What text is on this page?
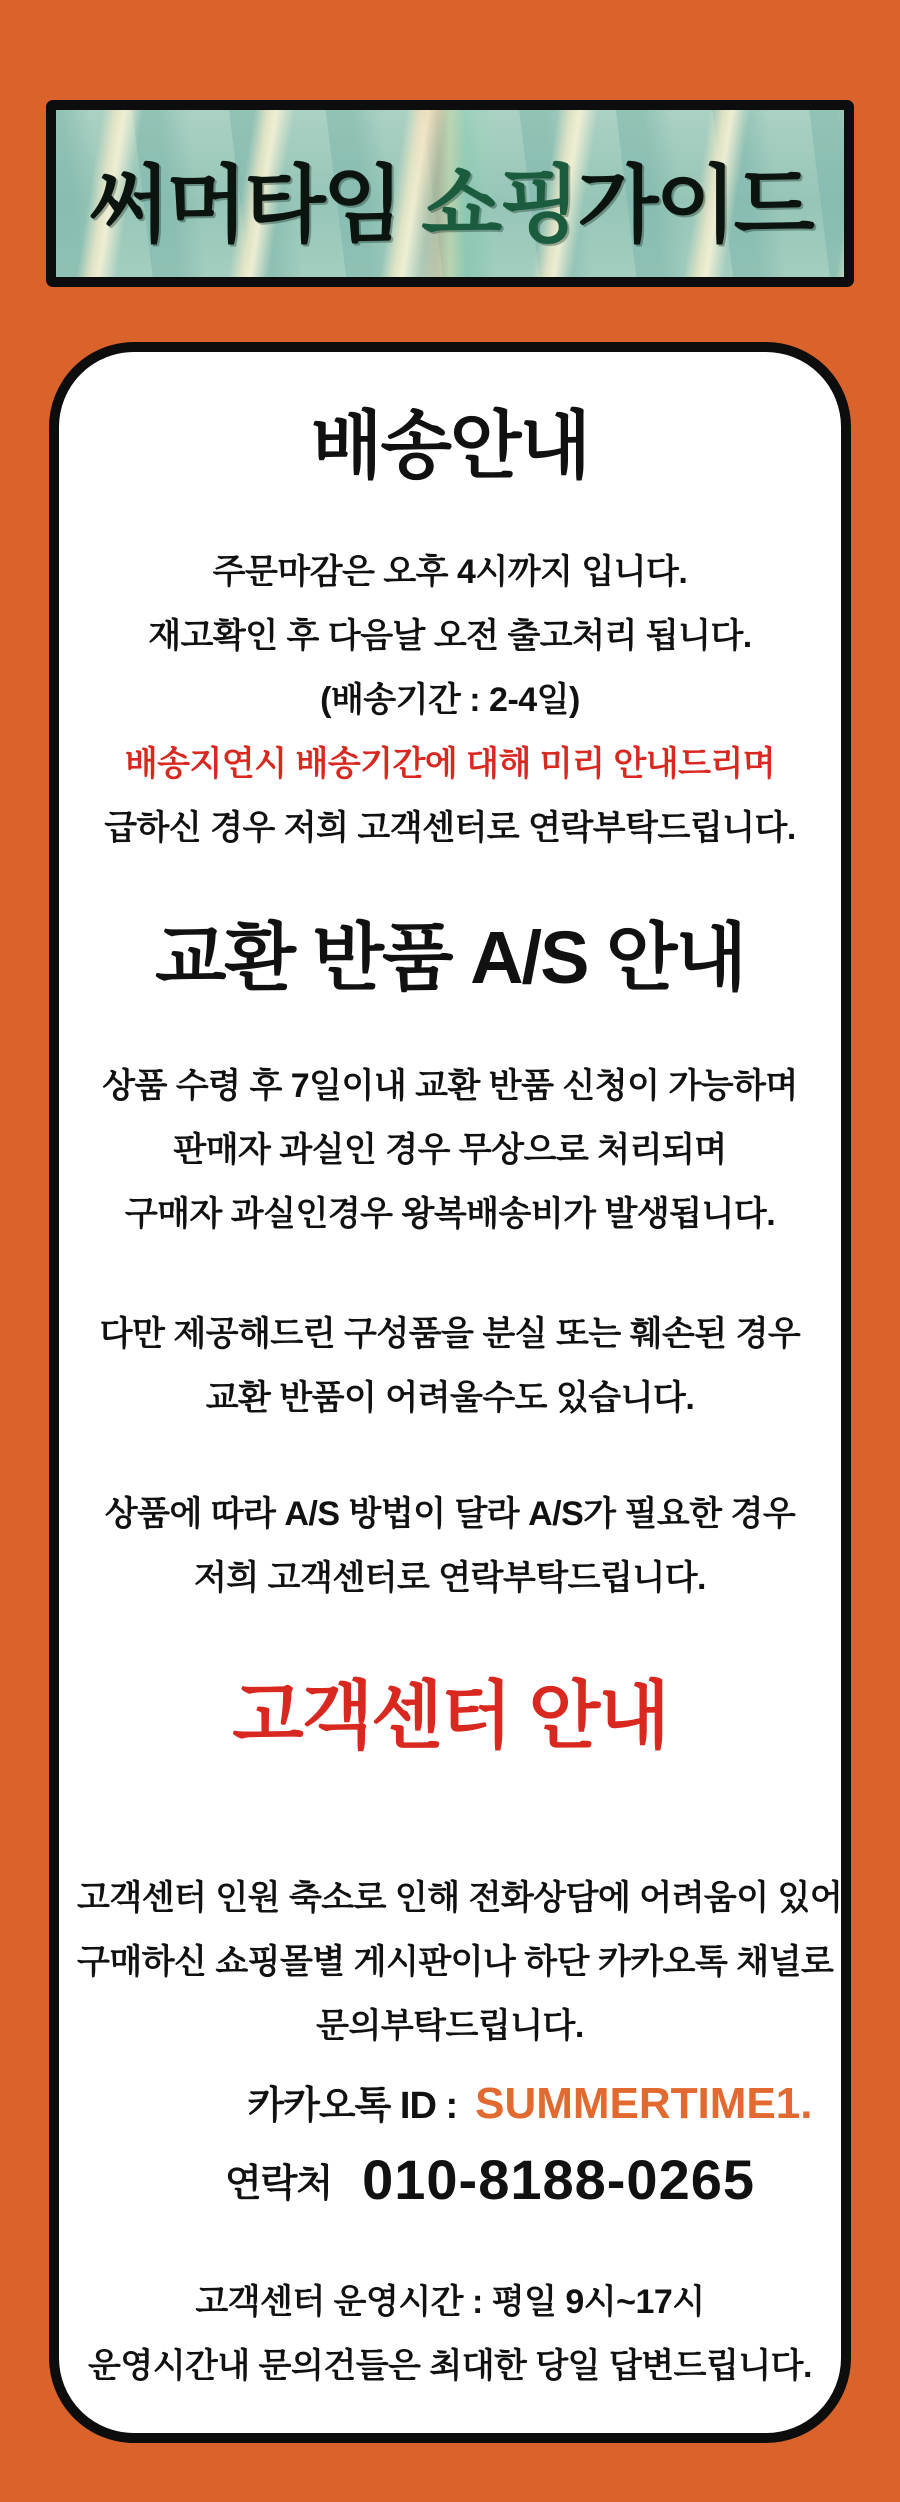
써머타임 쇼핑가이드
배송안내
주문마감은 오후 4시까지 입니다.
재고확인 후 다음날 오전 출고처리 됩니다.
(배송기간 : 2-4일)
배송지연시 배송기간에 대해 미리 안내드리며
급하신 경우 저희 고객센터로 연락부탁드립니다.
교환 반품 A/S 안내
상품 수령 후 7일이내 교환 반품 신청이 가능하며
판매자 과실인 경우 무상으로 처리되며
구매자 과실인경우 왕복배송비가 발생됩니다.
다만 제공해드린 구성품을 분실 또는 훼손된 경우
교환 반품이 어려울수도 있습니다.
상품에 따라 A/S 방법이 달라 A/S가 필요한 경우
저희 고객센터로 연락부탁드립니다.
고객센터 안내
고객센터 인원 축소로 인해 전화상담에 어려움이 있어
구매하신 쇼핑몰별 게시판이나 하단 카카오톡 채널로
문의부탁드립니다.
카카오톡 ID : SUMMERTIME1.
연락처 010-8188-0265
고객센터 운영시간 : 평일 9시~17시
운영시간내 문의건들은 최대한 당일 답변드립니다.
